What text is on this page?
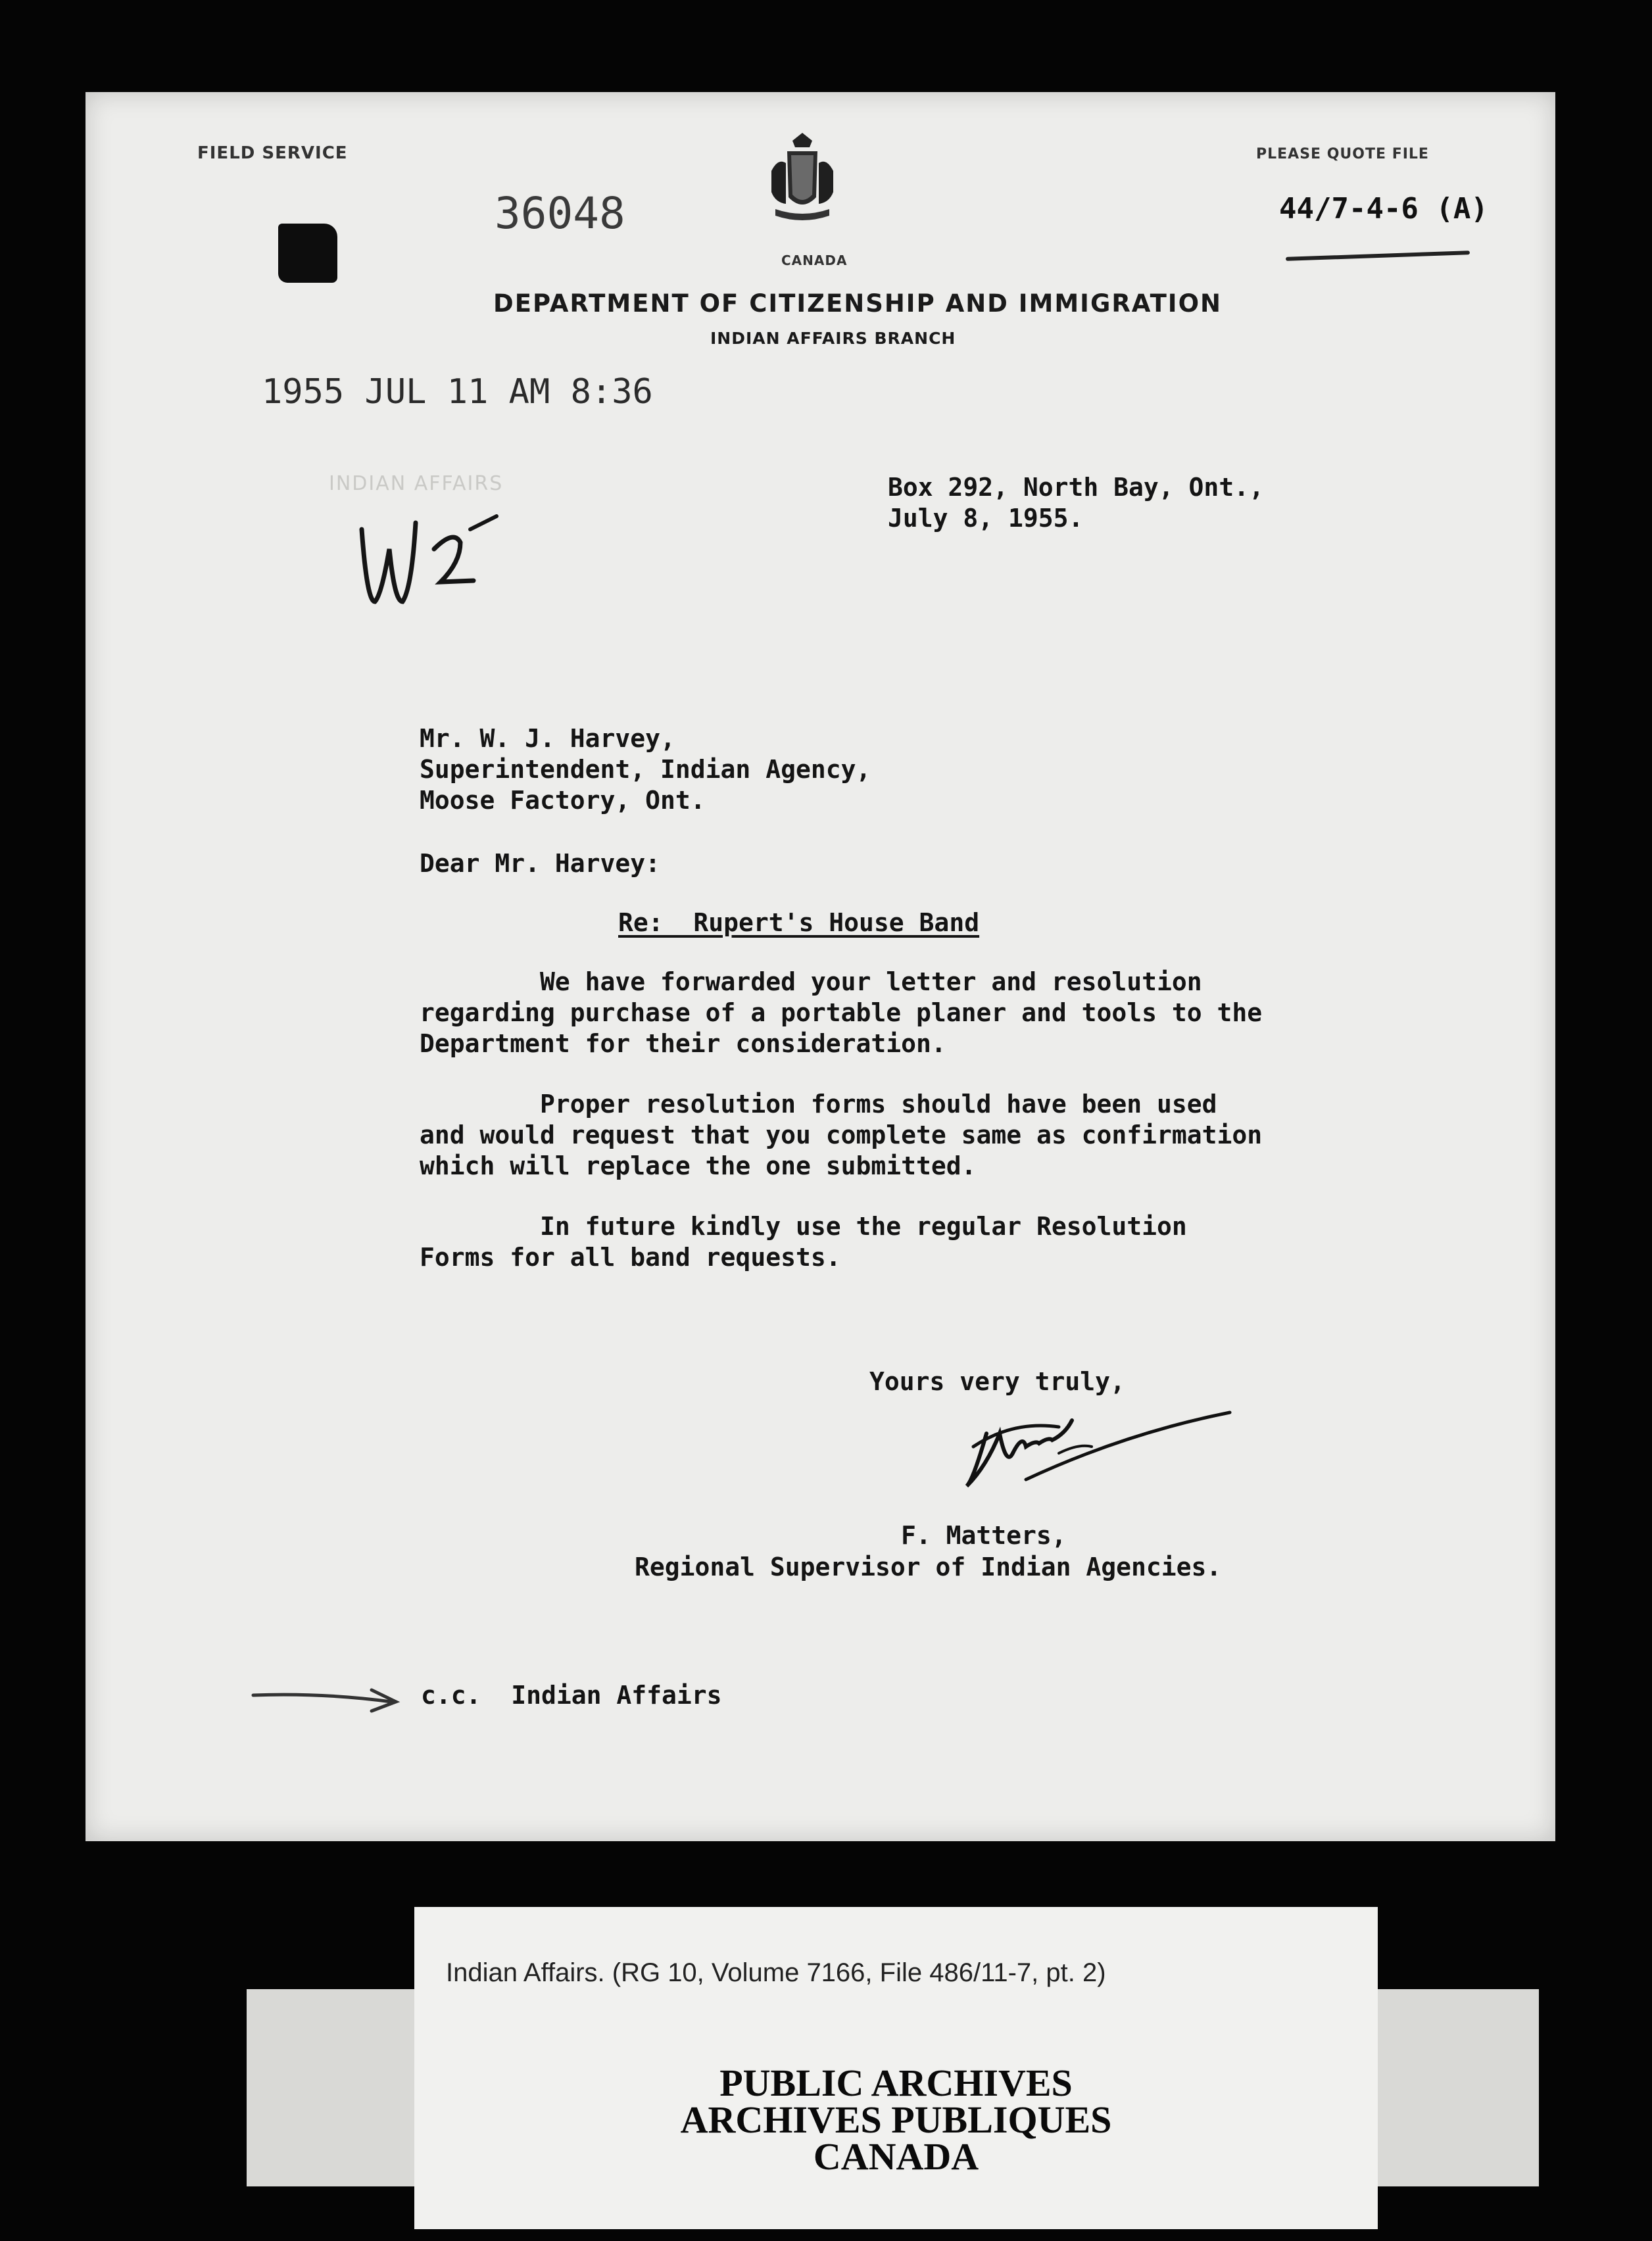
FIELD SERVICE
36048
CANADA
PLEASE QUOTE FILE
44/7-4-6 (A)
DEPARTMENT OF CITIZENSHIP AND IMMIGRATION
INDIAN AFFAIRS BRANCH
1955 JUL 11 AM 8:36
INDIAN AFFAIRS	Box 292, North Bay, Ont.,
July 8, 1955.
Mr. W. J. Harvey,
Superintendent, Indian Agency,
Moose Factory, Ont.
Dear Mr. Harvey:
Re:  Rupert's House Band
We have forwarded your letter and resolution
regarding purchase of a portable planer and tools to the
Department for their consideration.
Proper resolution forms should have been used
and would request that you complete same as confirmation
which will replace the one submitted.
In future kindly use the regular Resolution
Forms for all band requests.
Yours very truly,
F. Matters,
Regional Supervisor of Indian Agencies.
c.c.  Indian Affairs
Indian Affairs. (RG 10, Volume 7166, File 486/11-7, pt. 2)
PUBLIC ARCHIVES
ARCHIVES PUBLIQUES
CANADA
